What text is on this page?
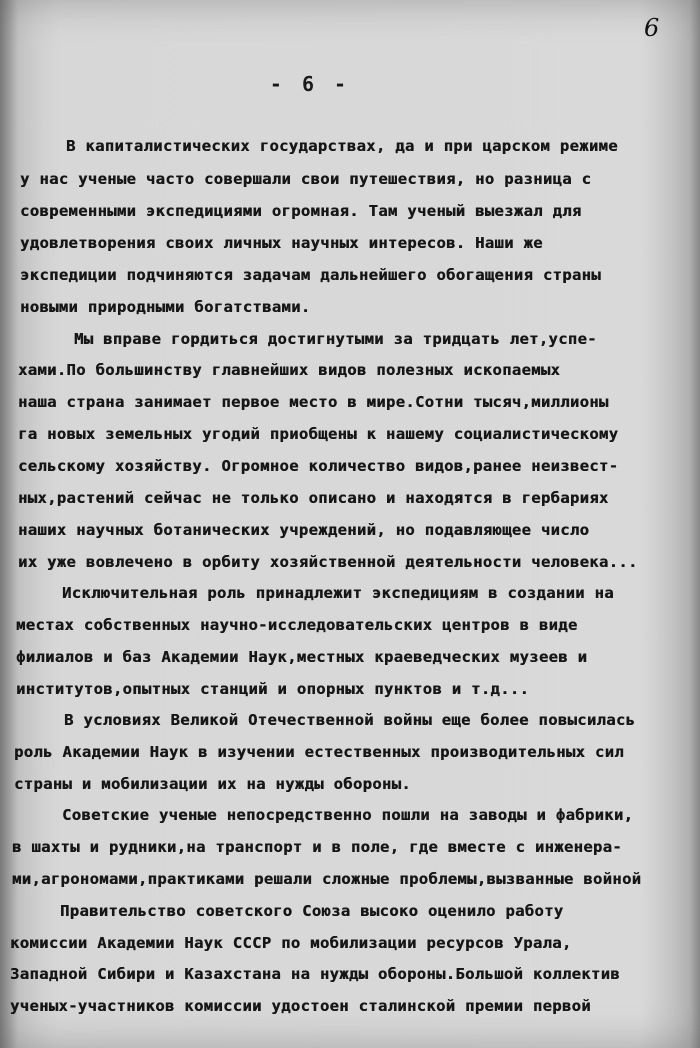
6
- 6 -
В капиталистических государствах, да и при царском режиме
у нас ученые часто совершали свои путешествия, но разница с
современными экспедициями огромная. Там ученый выезжал для
удовлетворения своих личных научных интересов. Наши же
экспедиции подчиняются задачам дальнейшего обогащения страны
новыми природными богатствами.
Мы вправе гордиться достигнутыми за тридцать лет,успе-
хами.По большинству главнейших видов полезных ископаемых
наша страна занимает первое место в мире.Сотни тысяч,миллионы
га новых земельных угодий приобщены к нашему социалистическому
сельскому хозяйству. Огромное количество видов,ранее неизвест-
ных,растений сейчас не только описано и находятся в гербариях
наших научных ботанических учреждений, но подавляющее число
их уже вовлечено в орбиту хозяйственной деятельности человека...
Исключительная роль принадлежит экспедициям в создании на
местах собственных научно-исследовательских центров в виде
филиалов и баз Академии Наук,местных краеведческих музеев и
институтов,опытных станций и опорных пунктов и т.д...
В условиях Великой Отечественной войны еще более повысилась
роль Академии Наук в изучении естественных производительных сил
страны и мобилизации их на нужды обороны.
Советские ученые непосредственно пошли на заводы и фабрики,
в шахты и рудники,на транспорт и в поле, где вместе с инженера-
ми,агрономами,практиками решали сложные проблемы,вызванные войной
Правительство советского Союза высоко оценило работу
комиссии Академии Наук СССР по мобилизации ресурсов Урала,
Западной Сибири и Казахстана на нужды обороны.Большой коллектив
ученых-участников комиссии удостоен сталинской премии первой
